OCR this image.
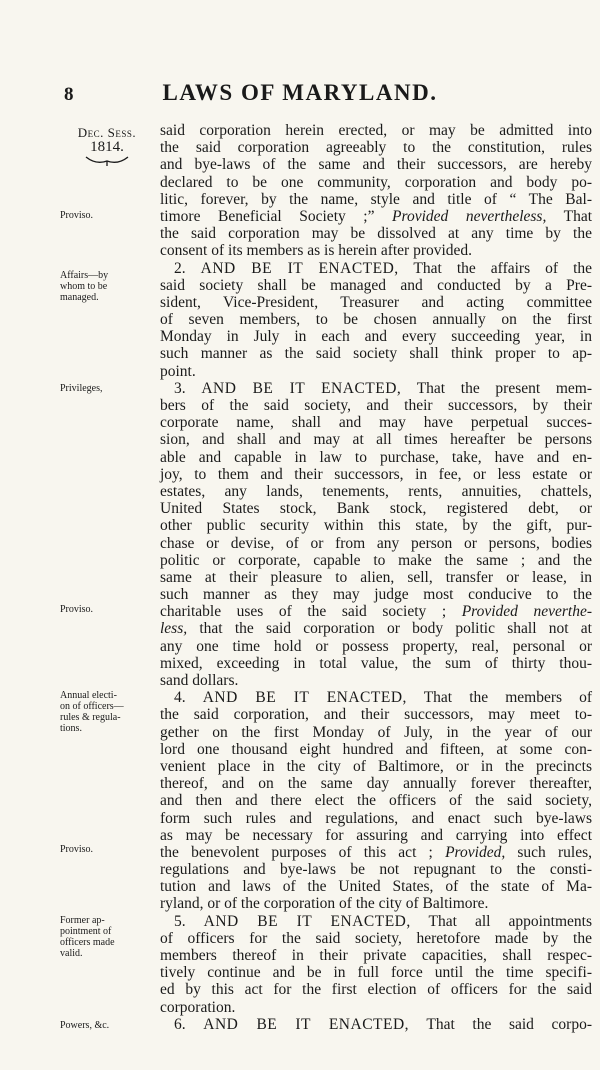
8	LAWS OF MARYLAND.
Dec. Sess.
1814.
Proviso.
Affairs—by
whom to be
managed.
Privileges,
Proviso.
Annual electi-
on of officers—
rules & regula-
tions.
Proviso.
Former ap-
pointment of
officers made
valid.
Powers, &c.
said corporation herein erected, or may be admitted into
the said corporation agreeably to the constitution, rules
and bye-laws of the same and their successors, are hereby
declared to be one community, corporation and body po-
litic, forever, by the name, style and title of “ The Bal-
timore Beneficial Society ;” Provided nevertheless, That
the said corporation may be dissolved at any time by the
consent of its members as is herein after provided.
2. AND BE IT ENACTED, That the affairs of the
said society shall be managed and conducted by a Pre-
sident, Vice-President, Treasurer and acting committee
of seven members, to be chosen annually on the first
Monday in July in each and every succeeding year, in
such manner as the said society shall think proper to ap-
point.
3. AND BE IT ENACTED, That the present mem-
bers of the said society, and their successors, by their
corporate name, shall and may have perpetual succes-
sion, and shall and may at all times hereafter be persons
able and capable in law to purchase, take, have and en-
joy, to them and their successors, in fee, or less estate or
estates, any lands, tenements, rents, annuities, chattels,
United States stock, Bank stock, registered debt, or
other public security within this state, by the gift, pur-
chase or devise, of or from any person or persons, bodies
politic or corporate, capable to make the same ; and the
same at their pleasure to alien, sell, transfer or lease, in
such manner as they may judge most conducive to the
charitable uses of the said society ; Provided neverthe-
less, that the said corporation or body politic shall not at
any one time hold or possess property, real, personal or
mixed, exceeding in total value, the sum of thirty thou-
sand dollars.
4. AND BE IT ENACTED, That the members of
the said corporation, and their successors, may meet to-
gether on the first Monday of July, in the year of our
lord one thousand eight hundred and fifteen, at some con-
venient place in the city of Baltimore, or in the precincts
thereof, and on the same day annually forever thereafter,
and then and there elect the officers of the said society,
form such rules and regulations, and enact such bye-laws
as may be necessary for assuring and carrying into effect
the benevolent purposes of this act ; Provided, such rules,
regulations and bye-laws be not repugnant to the consti-
tution and laws of the United States, of the state of Ma-
ryland, or of the corporation of the city of Baltimore.
5. AND BE IT ENACTED, That all appointments
of officers for the said society, heretofore made by the
members thereof in their private capacities, shall respec-
tively continue and be in full force until the time specifi-
ed by this act for the first election of officers for the said
corporation.
6. AND BE IT ENACTED, That the said corpo-
